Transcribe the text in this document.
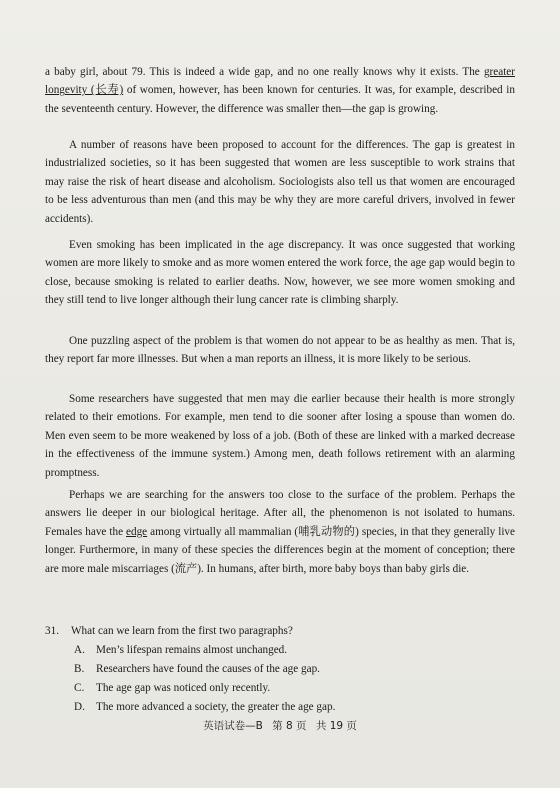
a baby girl, about 79. This is indeed a wide gap, and no one really knows why it exists. The greater longevity (长寿) of women, however, has been known for centuries. It was, for example, described in the seventeenth century. However, the difference was smaller then—the gap is growing.

A number of reasons have been proposed to account for the differences. The gap is greatest in industrialized societies, so it has been suggested that women are less susceptible to work strains that may raise the risk of heart disease and alcoholism. Sociologists also tell us that women are encouraged to be less adventurous than men (and this may be why they are more careful drivers, involved in fewer accidents).

Even smoking has been implicated in the age discrepancy. It was once suggested that working women are more likely to smoke and as more women entered the work force, the age gap would begin to close, because smoking is related to earlier deaths. Now, however, we see more women smoking and they still tend to live longer although their lung cancer rate is climbing sharply.

One puzzling aspect of the problem is that women do not appear to be as healthy as men. That is, they report far more illnesses. But when a man reports an illness, it is more likely to be serious.

Some researchers have suggested that men may die earlier because their health is more strongly related to their emotions. For example, men tend to die sooner after losing a spouse than women do. Men even seem to be more weakened by loss of a job. (Both of these are linked with a marked decrease in the effectiveness of the immune system.) Among men, death follows retirement with an alarming promptness.

Perhaps we are searching for the answers too close to the surface of the problem. Perhaps the answers lie deeper in our biological heritage. After all, the phenomenon is not isolated to humans. Females have the edge among virtually all mammalian (哺乳动物的) species, in that they generally live longer. Furthermore, in many of these species the differences begin at the moment of conception; there are more male miscarriages (流产). In humans, after birth, more baby boys than baby girls die.

31. What can we learn from the first two paragraphs?
A. Men’s lifespan remains almost unchanged.
B. Researchers have found the causes of the age gap.
C. The age gap was noticed only recently.
D. The more advanced a society, the greater the age gap.
英语试卷—B 第 8 页 共 19 页
